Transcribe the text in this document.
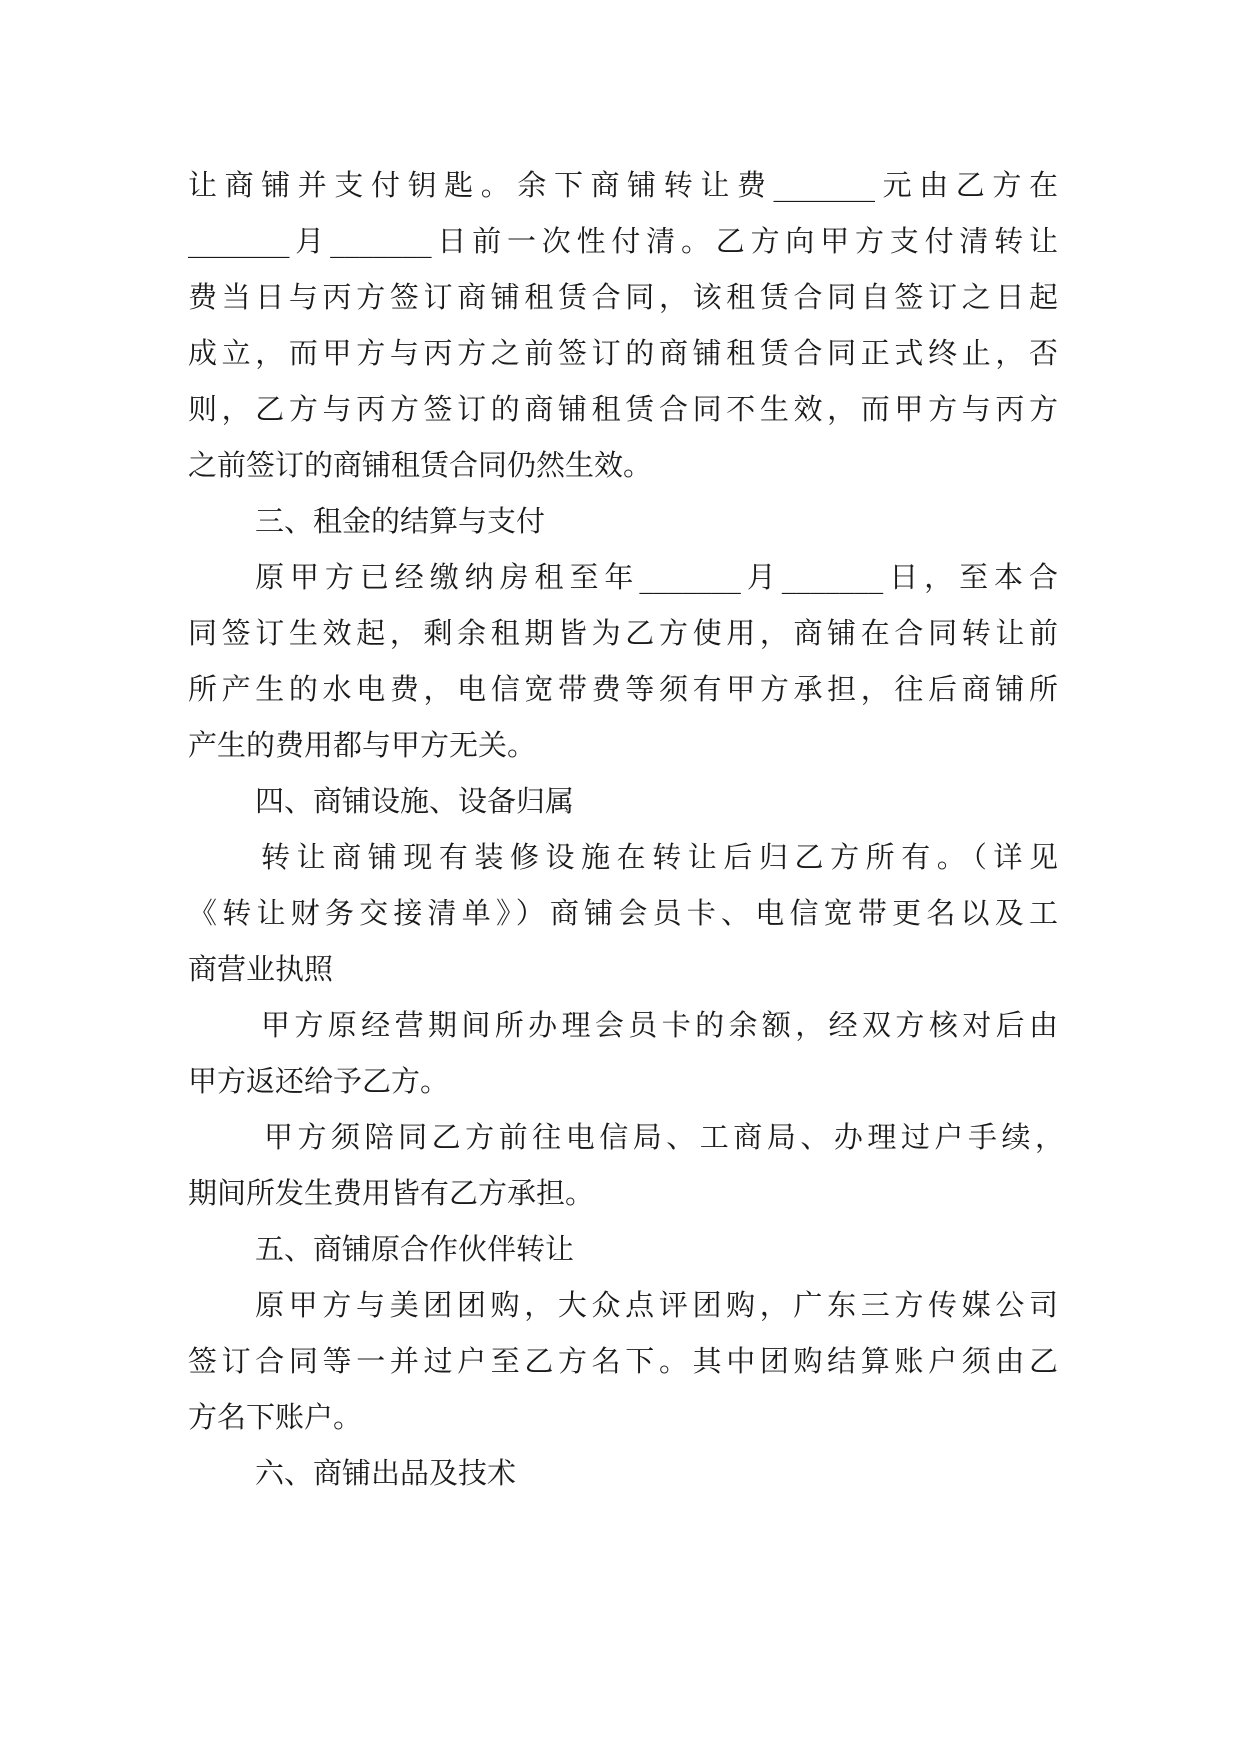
让商铺并支付钥匙。余下商铺转让费_______元由乙方在
_______月_______日前一次性付清。乙方向甲方支付清转让
费当日与丙方签订商铺租赁合同，该租赁合同自签订之日起
成立，而甲方与丙方之前签订的商铺租赁合同正式终止，否
则，乙方与丙方签订的商铺租赁合同不生效，而甲方与丙方
之前签订的商铺租赁合同仍然生效。
三、租金的结算与支付
原甲方已经缴纳房租至年_______月_______日，至本合
同签订生效起，剩余租期皆为乙方使用，商铺在合同转让前
所产生的水电费，电信宽带费等须有甲方承担，往后商铺所
产生的费用都与甲方无关。
四、商铺设施、设备归属
转让商铺现有装修设施在转让后归乙方所有。（详见
《转让财务交接清单》）商铺会员卡、电信宽带更名以及工
商营业执照
甲方原经营期间所办理会员卡的余额，经双方核对后由
甲方返还给予乙方。
甲方须陪同乙方前往电信局、工商局、办理过户手续，
期间所发生费用皆有乙方承担。
五、商铺原合作伙伴转让
原甲方与美团团购，大众点评团购，广东三方传媒公司
签订合同等一并过户至乙方名下。其中团购结算账户须由乙
方名下账户。
六、商铺出品及技术
